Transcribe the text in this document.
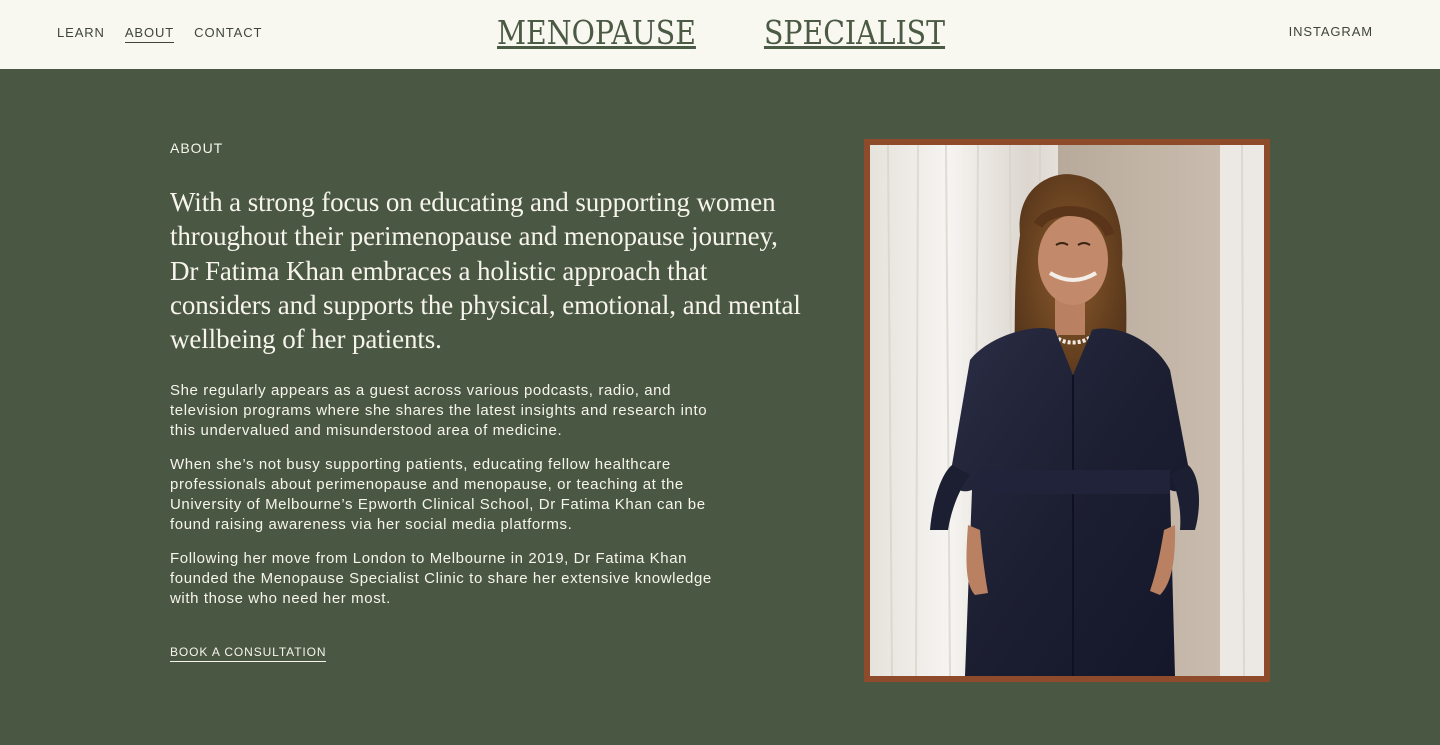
LEARN ABOUT CONTACT	MENOPAUSE SPECIALIST	INSTAGRAM

ABOUT

With a strong focus on educating and supporting women throughout their perimenopause and menopause journey, Dr Fatima Khan embraces a holistic approach that considers and supports the physical, emotional, and mental wellbeing of her patients.

She regularly appears as a guest across various podcasts, radio, and television programs where she shares the latest insights and research into this undervalued and misunderstood area of medicine.

When she’s not busy supporting patients, educating fellow healthcare professionals about perimenopause and menopause, or teaching at the University of Melbourne’s Epworth Clinical School, Dr Fatima Khan can be found raising awareness via her social media platforms.

Following her move from London to Melbourne in 2019, Dr Fatima Khan founded the Menopause Specialist Clinic to share her extensive knowledge with those who need her most.

BOOK A CONSULTATION
